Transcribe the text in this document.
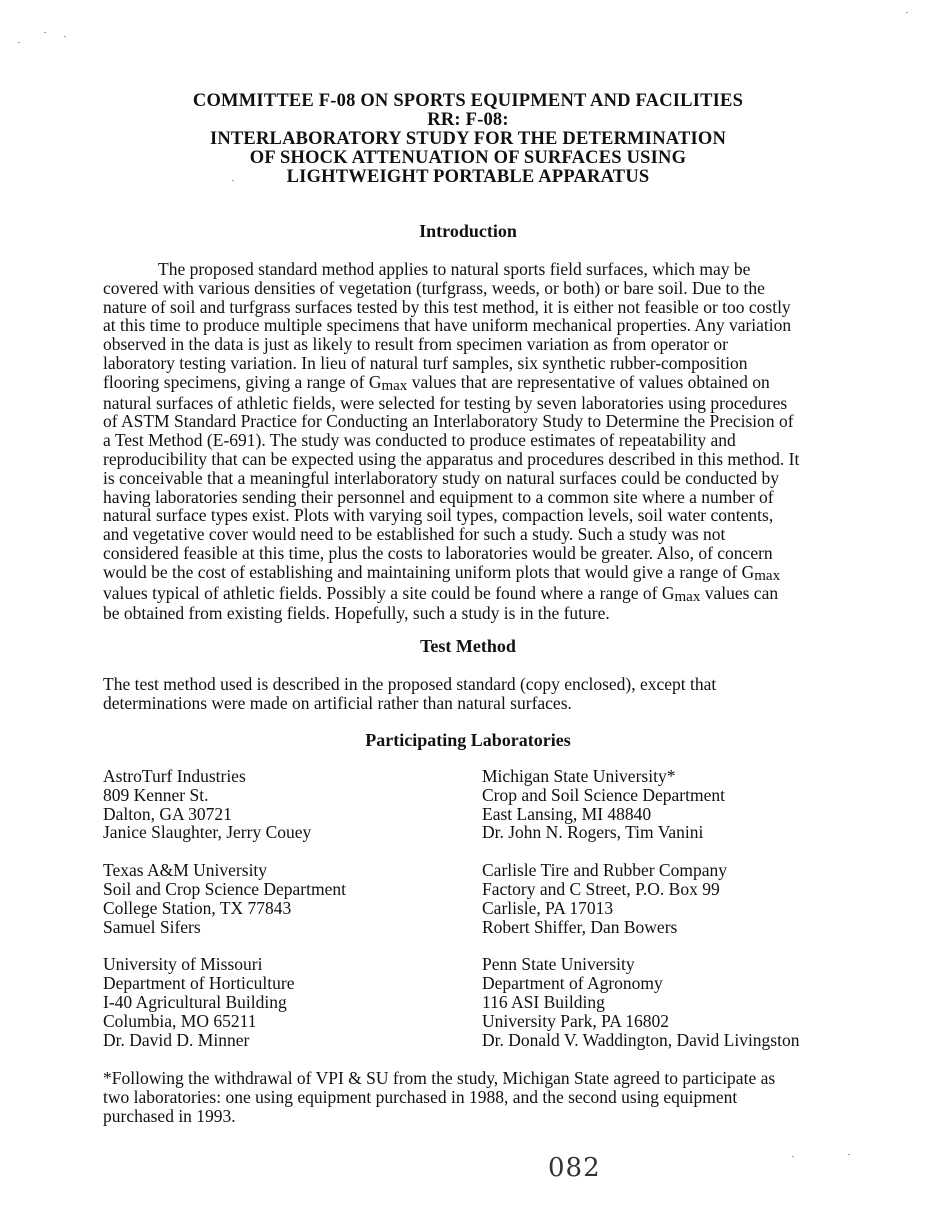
COMMITTEE F-08 ON SPORTS EQUIPMENT AND FACILITIES
RR: F-08:
INTERLABORATORY STUDY FOR THE DETERMINATION
OF SHOCK ATTENUATION OF SURFACES USING
LIGHTWEIGHT PORTABLE APPARATUS
Introduction
The proposed standard method applies to natural sports field surfaces, which may be
covered with various densities of vegetation (turfgrass, weeds, or both) or bare soil. Due to the
nature of soil and turfgrass surfaces tested by this test method, it is either not feasible or too costly
at this time to produce multiple specimens that have uniform mechanical properties. Any variation
observed in the data is just as likely to result from specimen variation as from operator or
laboratory testing variation. In lieu of natural turf samples, six synthetic rubber-composition
flooring specimens, giving a range of Gmax values that are representative of values obtained on
natural surfaces of athletic fields, were selected for testing by seven laboratories using procedures
of ASTM Standard Practice for Conducting an Interlaboratory Study to Determine the Precision of
a Test Method (E-691). The study was conducted to produce estimates of repeatability and
reproducibility that can be expected using the apparatus and procedures described in this method. It
is conceivable that a meaningful interlaboratory study on natural surfaces could be conducted by
having laboratories sending their personnel and equipment to a common site where a number of
natural surface types exist. Plots with varying soil types, compaction levels, soil water contents,
and vegetative cover would need to be established for such a study. Such a study was not
considered feasible at this time, plus the costs to laboratories would be greater. Also, of concern
would be the cost of establishing and maintaining uniform plots that would give a range of Gmax
values typical of athletic fields. Possibly a site could be found where a range of Gmax values can
be obtained from existing fields. Hopefully, such a study is in the future.
Test Method
The test method used is described in the proposed standard (copy enclosed), except that
determinations were made on artificial rather than natural surfaces.
Participating Laboratories
AstroTurf Industries
809 Kenner St.
Dalton, GA 30721
Janice Slaughter, Jerry Couey
Texas A&M University
Soil and Crop Science Department
College Station, TX 77843
Samuel Sifers
University of Missouri
Department of Horticulture
I-40 Agricultural Building
Columbia, MO 65211
Dr. David D. Minner
Michigan State University*
Crop and Soil Science Department
East Lansing, MI 48840
Dr. John N. Rogers, Tim Vanini
Carlisle Tire and Rubber Company
Factory and C Street, P.O. Box 99
Carlisle, PA 17013
Robert Shiffer, Dan Bowers
Penn State University
Department of Agronomy
116 ASI Building
University Park, PA 16802
Dr. Donald V. Waddington, David Livingston
*Following the withdrawal of VPI & SU from the study, Michigan State agreed to participate as
two laboratories: one using equipment purchased in 1988, and the second using equipment
purchased in 1993.
082
